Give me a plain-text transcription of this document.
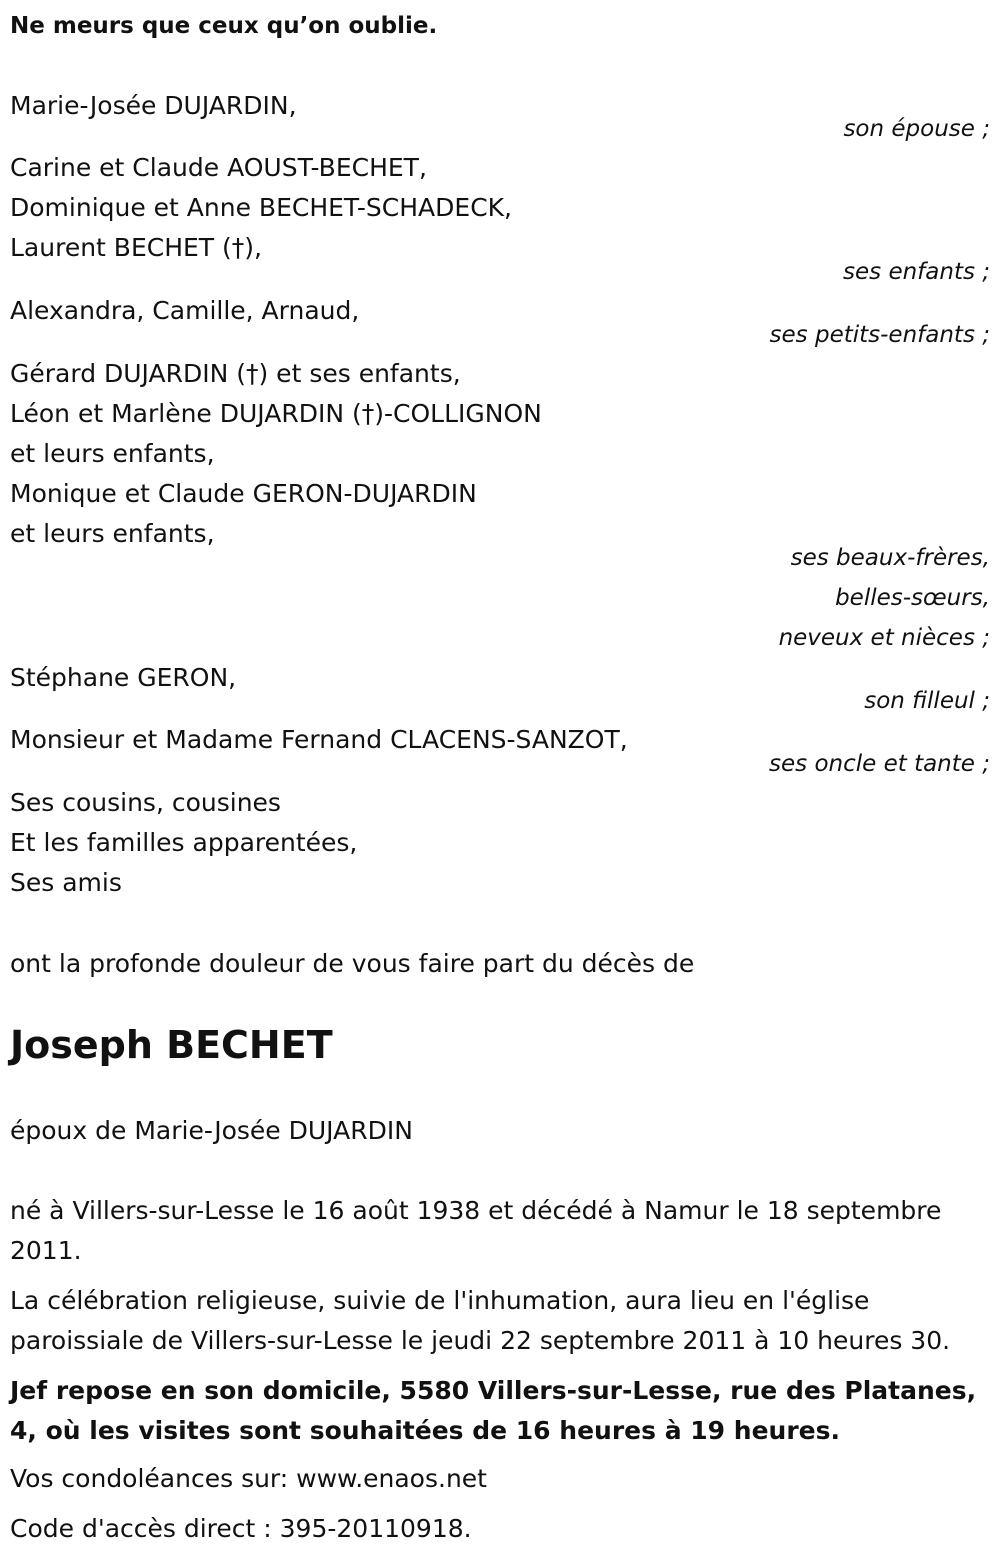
Ne meurs que ceux qu’on oublie.
Marie-Josée DUJARDIN,
son épouse ;
Carine et Claude AOUST-BECHET,
Dominique et Anne BECHET-SCHADECK,
Laurent BECHET (†),
ses enfants ;
Alexandra, Camille, Arnaud,
ses petits-enfants ;
Gérard DUJARDIN (†) et ses enfants,
Léon et Marlène DUJARDIN (†)-COLLIGNON
et leurs enfants,
Monique et Claude GERON-DUJARDIN
et leurs enfants,
ses beaux-frères,
belles-sœurs,
neveux et nièces ;
Stéphane GERON,
son filleul ;
Monsieur et Madame Fernand CLACENS-SANZOT,
ses oncle et tante ;
Ses cousins, cousines
Et les familles apparentées,
Ses amis
ont la profonde douleur de vous faire part du décès de
Joseph BECHET
époux de Marie-Josée DUJARDIN
né à Villers-sur-Lesse le 16 août 1938 et décédé à Namur le 18 septembre 2011.
La célébration religieuse, suivie de l'inhumation, aura lieu en l'église paroissiale de Villers-sur-Lesse le jeudi 22 septembre 2011 à 10 heures 30.
Jef repose en son domicile, 5580 Villers-sur-Lesse, rue des Platanes, 4, où les visites sont souhaitées de 16 heures à 19 heures.
Vos condoléances sur: www.enaos.net
Code d'accès direct : 395-20110918.
